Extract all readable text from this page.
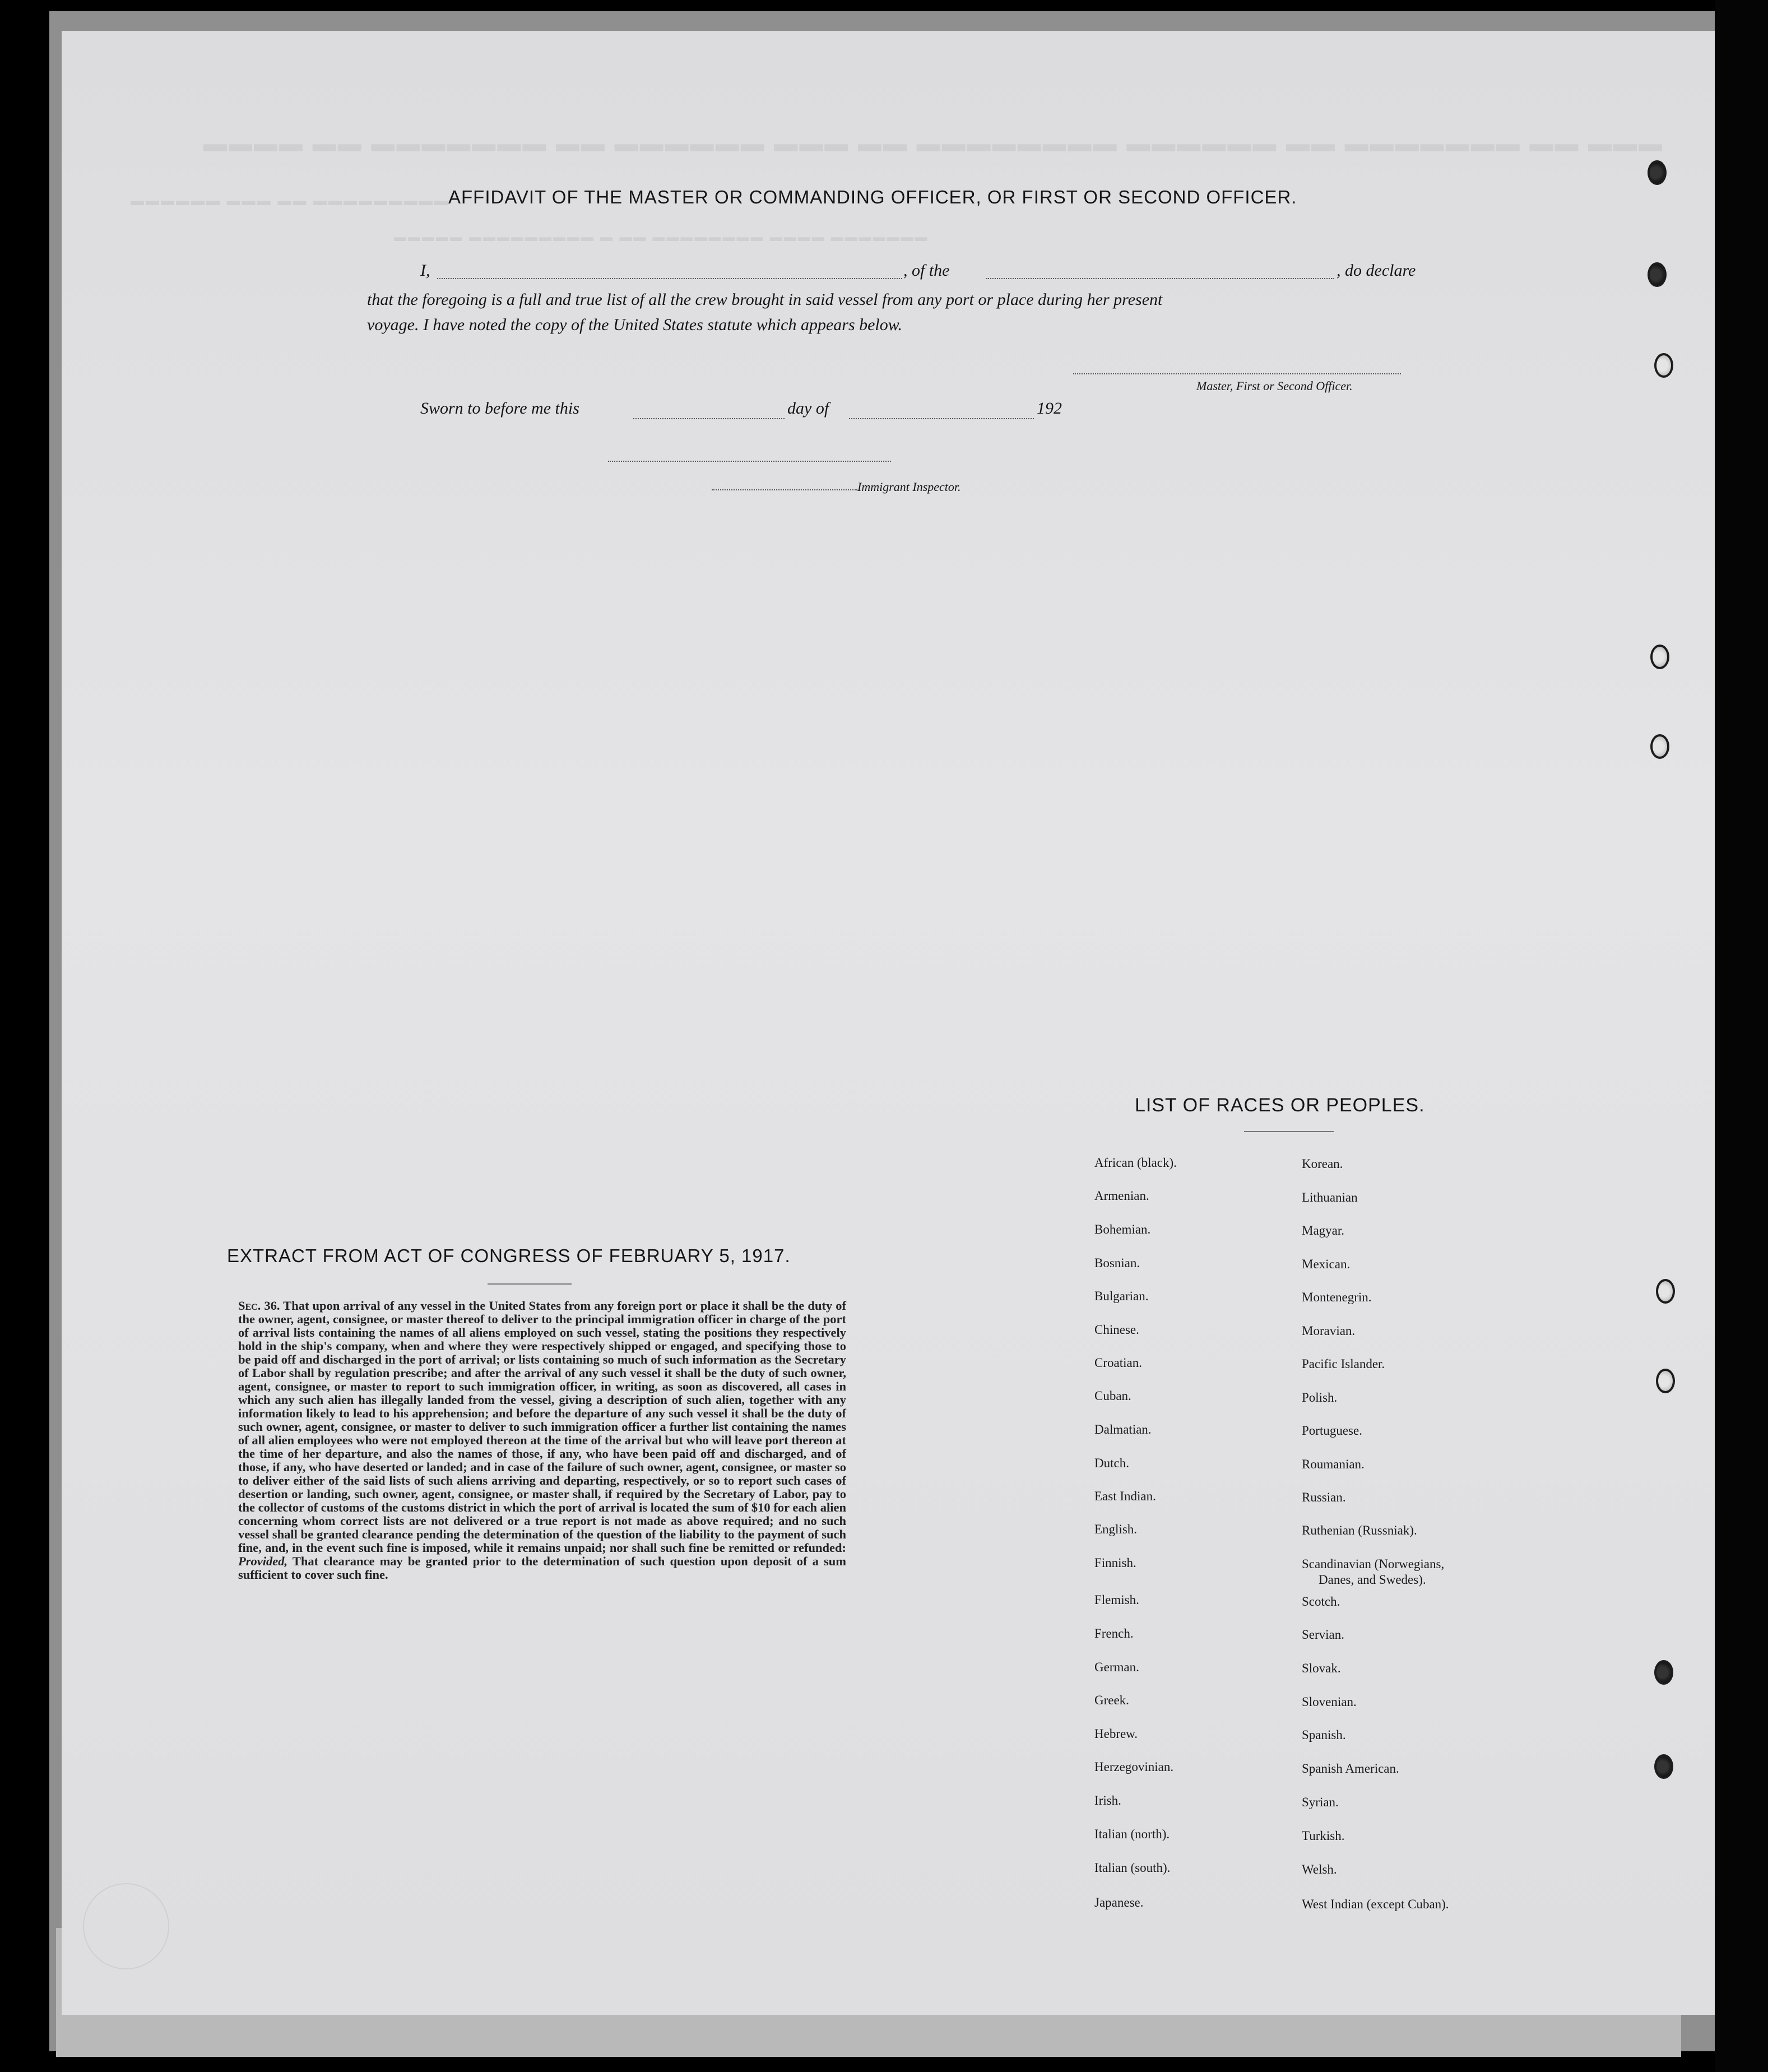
▬▬▬ ▬▬ ▬▬▬▬▬▬▬ ▬▬ ▬▬▬▬▬▬ ▬▬▬▬▬▬▬▬ ▬▬ ▬▬▬ ▬▬▬▬▬▬ ▬▬ ▬▬▬▬▬▬▬ ▬▬ ▬▬▬▬
▬▬▬▬▬▬▬▬▬ ▬▬ ▬▬▬ ▬▬▬▬▬▬
▬▬▬▬▬▬▬ ▬▬▬▬ ▬▬▬▬▬▬▬▬ ▬▬ ▬ ▬▬▬▬▬▬▬▬▬ ▬▬▬▬▬
AFFIDAVIT OF THE MASTER OR COMMANDING OFFICER, OR FIRST OR SECOND OFFICER.
I,	, of the	, do declare
that the foregoing is a full and true list of all the crew brought in said vessel from any port or place during her present
voyage. I have noted the copy of the United States statute which appears below.
Master, First or Second Officer.
Sworn to before me this	day of	192
Immigrant Inspector.
EXTRACT FROM ACT OF CONGRESS OF FEBRUARY 5, 1917.
Sec. 36. That upon arrival of any vessel in the United States from any foreign port or place it shall be the duty of the owner, agent, consignee, or master thereof to deliver to the principal immigration officer in charge of the port of arrival lists containing the names of all aliens employed on such vessel, stating the positions they respectively hold in the ship's company, when and where they were respectively shipped or engaged, and specifying those to be paid off and discharged in the port of arrival; or lists containing so much of such information as the Secretary of Labor shall by regulation prescribe; and after the arrival of any such vessel it shall be the duty of such owner, agent, consignee, or master to report to such immigration officer, in writing, as soon as discovered, all cases in which any such alien has illegally landed from the vessel, giving a description of such alien, together with any information likely to lead to his apprehension; and before the departure of any such vessel it shall be the duty of such owner, agent, consignee, or master to deliver to such immigration officer a further list containing the names of all alien employees who were not employed thereon at the time of the arrival but who will leave port thereon at the time of her departure, and also the names of those, if any, who have been paid off and discharged, and of those, if any, who have deserted or landed; and in case of the failure of such owner, agent, consignee, or master so to deliver either of the said lists of such aliens arriving and departing, respectively, or so to report such cases of desertion or landing, such owner, agent, consignee, or master shall, if required by the Secretary of Labor, pay to the collector of customs of the customs district in which the port of arrival is located the sum of $10 for each alien concerning whom correct lists are not delivered or a true report is not made as above required; and no such vessel shall be granted clearance pending the determination of the question of the liability to the payment of such fine, and, in the event such fine is imposed, while it remains unpaid; nor shall such fine be remitted or refunded: Provided, That clearance may be granted prior to the determination of such question upon deposit of a sum sufficient to cover such fine.
LIST OF RACES OR PEOPLES.
African (black).
Armenian.
Bohemian.
Bosnian.
Bulgarian.
Chinese.
Croatian.
Cuban.
Dalmatian.
Dutch.
East Indian.
English.
Finnish.
Flemish.
French.
German.
Greek.
Hebrew.
Herzegovinian.
Irish.
Italian (north).
Italian (south).
Japanese.
Korean.
Lithuanian
Magyar.
Mexican.
Montenegrin.
Moravian.
Pacific Islander.
Polish.
Portuguese.
Roumanian.
Russian.
Ruthenian (Russniak).
Scandinavian (Norwegians,
Danes, and Swedes).
Scotch.
Servian.
Slovak.
Slovenian.
Spanish.
Spanish American.
Syrian.
Turkish.
Welsh.
West Indian (except Cuban).
